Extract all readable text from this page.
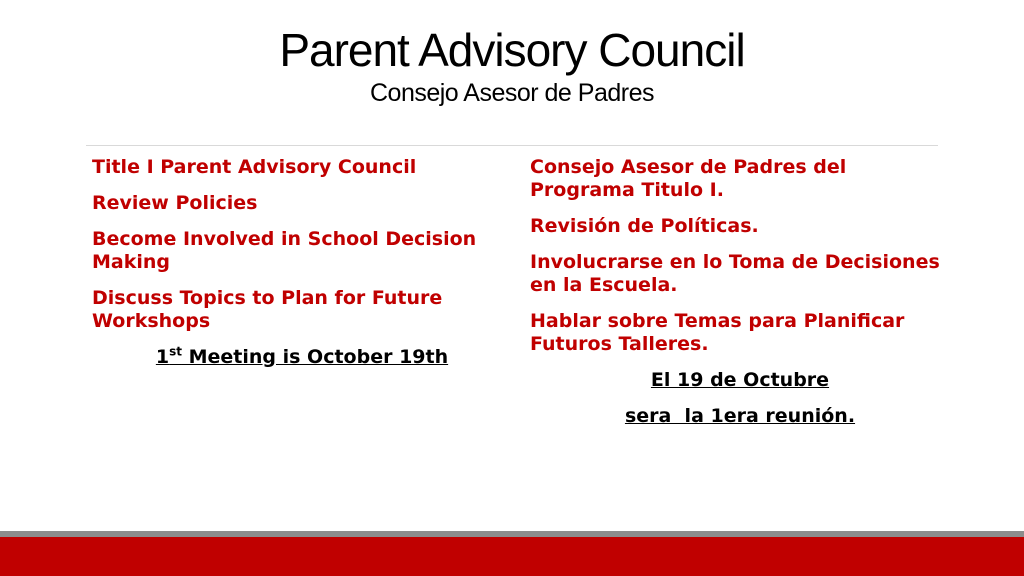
Parent Advisory Council
Consejo Asesor de Padres

Title I Parent Advisory Council

Review Policies

Become Involved in School Decision Making

Discuss Topics to Plan for Future Workshops

1st Meeting is October 19th

Consejo Asesor de Padres del Programa Titulo I.

Revisión de Políticas.

Involucrarse en lo Toma de Decisiones en la Escuela.

Hablar sobre Temas para Planificar Futuros Talleres.

El 19 de Octubre

sera  la 1era reunión.
